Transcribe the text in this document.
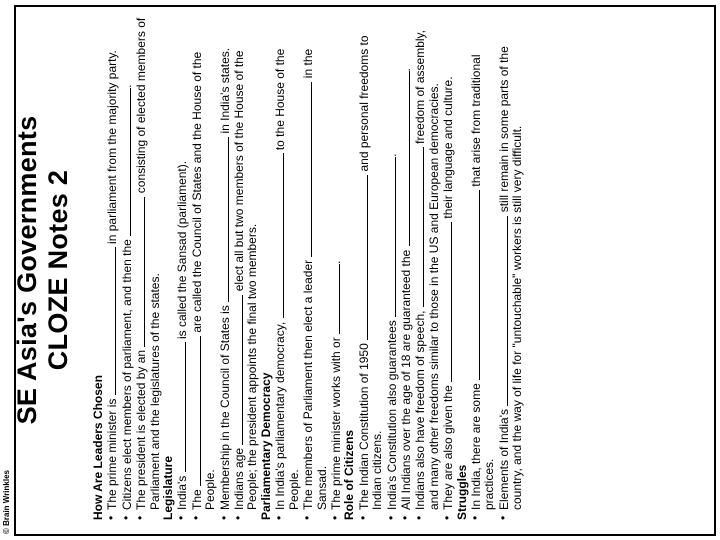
© Brain Wrinkles
SE Asia's Governments CLOZE Notes 2
How Are Leaders Chosen • The prime minister is  in parliament from the majority party.
• Citizens elect members of parliament, and then the .
• The president is elected by an  consisting of elected members of Parliament and the legislatures of the states. Legislature • India's  is called the Sansad (parliament).
• The  are called the Council of States and the House of the People. • Membership in the Council of States is  in India's states.
• Indians age  elect all but two members of the House of the People; the president appoints the final two members. Parliamentary Democracy • In India's parliamentary democracy,  to the House of the People. • The members of Parliament then elect a leader  in the Sansad. • The prime minister works with or .
Role of Citizens • The Indian Constitution of 1950  and personal freedoms to Indian citizens. • India's Constitution also guarantees .
• All Indians over the age of 18 are guaranteed the .
• Indians also have freedom of speech,  freedom of assembly, and many other freedoms similar to those in the US and European democracies. • They are also given the  their language and culture.
Struggles • In India, there are some  that arise from traditional practices. • Elements of India's  still remain in some parts of the country, and the way of life for "untouchable" workers is still very difficult.
